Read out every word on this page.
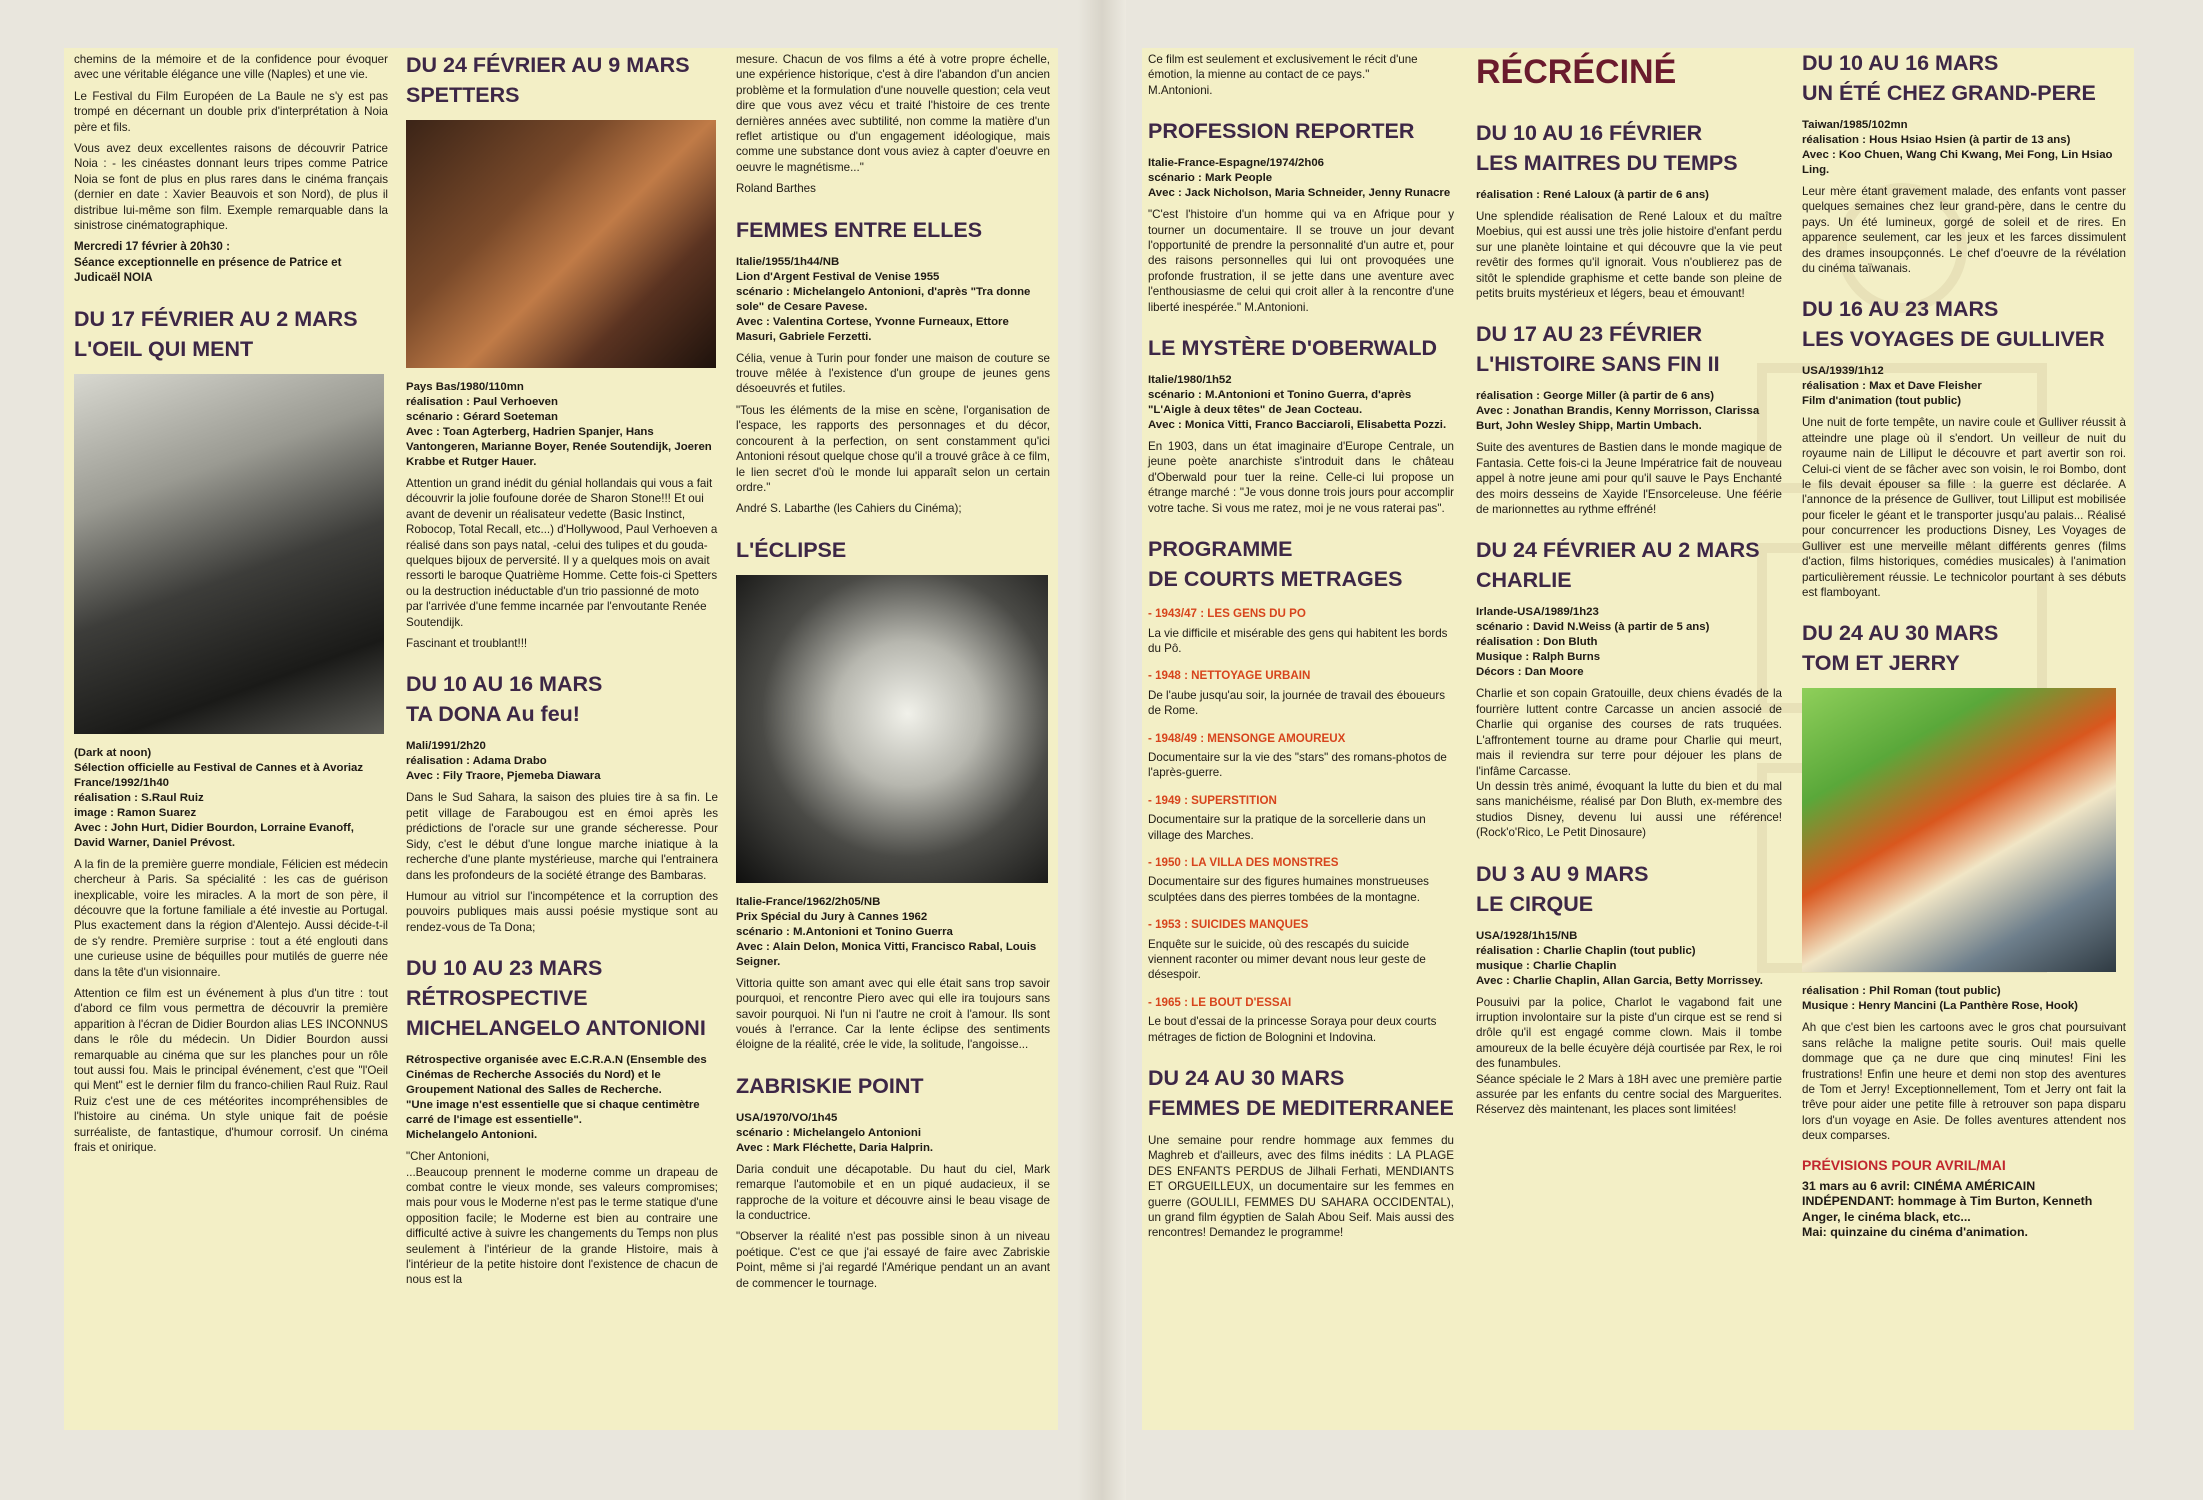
chemins de la mémoire et de la confidence pour évoquer avec une véritable élégance une ville (Naples) et une vie.

Le Festival du Film Européen de La Baule ne s'y est pas trompé en décernant un double prix d'interprétation à Noia père et fils.

Vous avez deux excellentes raisons de découvrir Patrice Noia : - les cinéastes donnant leurs tripes comme Patrice Noia se font de plus en plus rares dans le cinéma français (dernier en date : Xavier Beauvois et son Nord), de plus il distribue lui-même son film. Exemple remarquable dans la sinistrose cinématographique.

Mercredi 17 février à 20h30 :
Séance exceptionnelle en présence de Patrice et Judicaël NOIA

DU 17 FÉVRIER AU 2 MARS
L'OEIL QUI MENT

(Dark at noon)
Sélection officielle au Festival de Cannes et à Avoriaz
France/1992/1h40
réalisation : S.Raul Ruiz
image : Ramon Suarez
Avec : John Hurt, Didier Bourdon, Lorraine Evanoff, David Warner, Daniel Prévost.

A la fin de la première guerre mondiale, Félicien est médecin chercheur à Paris. Sa spécialité : les cas de guérison inexplicable, voire les miracles. A la mort de son père, il découvre que la fortune familiale a été investie au Portugal. Plus exactement dans la région d'Alentejo. Aussi décide-t-il de s'y rendre. Première surprise : tout a été englouti dans une curieuse usine de béquilles pour mutilés de guerre née dans la tête d'un visionnaire.

Attention ce film est un événement à plus d'un titre : tout d'abord ce film vous permettra de découvrir la première apparition à l'écran de Didier Bourdon alias LES INCONNUS dans le rôle du médecin. Un Didier Bourdon aussi remarquable au cinéma que sur les planches pour un rôle tout aussi fou. Mais le principal événement, c'est que "l'Oeil qui Ment" est le dernier film du franco-chilien Raul Ruiz. Raul Ruiz c'est une de ces météorites incompréhensibles de l'histoire au cinéma. Un style unique fait de poésie surréaliste, de fantastique, d'humour corrosif. Un cinéma frais et onirique.

DU 24 FÉVRIER AU 9 MARS
SPETTERS

Pays Bas/1980/110mn
réalisation : Paul Verhoeven
scénario : Gérard Soeteman
Avec : Toan Agterberg, Hadrien Spanjer, Hans Vantongeren, Marianne Boyer, Renée Soutendijk, Joeren Krabbe et Rutger Hauer.

Attention un grand inédit du génial hollandais qui vous a fait découvrir la jolie foufoune dorée de Sharon Stone!!! Et oui avant de devenir un réalisateur vedette (Basic Instinct, Robocop, Total Recall, etc...) d'Hollywood, Paul Verhoeven a réalisé dans son pays natal, -celui des tulipes et du gouda- quelques bijoux de perversité. Il y a quelques mois on avait ressorti le baroque Quatrième Homme. Cette fois-ci Spetters ou la destruction inéductable d'un trio passionné de moto par l'arrivée d'une femme incarnée par l'envoutante Renée Soutendijk.

Fascinant et troublant!!!

DU 10 AU 16 MARS
TA DONA Au feu!

Mali/1991/2h20
réalisation : Adama Drabo
Avec : Fily Traore, Pjemeba Diawara

Dans le Sud Sahara, la saison des pluies tire à sa fin. Le petit village de Farabougou est en émoi après les prédictions de l'oracle sur une grande sécheresse. Pour Sidy, c'est le début d'une longue marche iniatique à la recherche d'une plante mystérieuse, marche qui l'entrainera dans les profondeurs de la société étrange des Bambaras.

Humour au vitriol sur l'incompétence et la corruption des pouvoirs publiques mais aussi poésie mystique sont au rendez-vous de Ta Dona;

DU 10 AU 23 MARS
RÉTROSPECTIVE
MICHELANGELO ANTONIONI

Rétrospective organisée avec E.C.R.A.N (Ensemble des Cinémas de Recherche Associés du Nord) et le Groupement National des Salles de Recherche.
"Une image n'est essentielle que si chaque centimètre carré de l'image est essentielle".
Michelangelo Antonioni.

"Cher Antonioni,

...Beaucoup prennent le moderne comme un drapeau de combat contre le vieux monde, ses valeurs compromises; mais pour vous le Moderne n'est pas le terme statique d'une opposition facile; le Moderne est bien au contraire une difficulté active à suivre les changements du Temps non plus seulement à l'intérieur de la grande Histoire, mais à l'intérieur de la petite histoire dont l'existence de chacun de nous est la

mesure. Chacun de vos films a été à votre propre échelle, une expérience historique, c'est à dire l'abandon d'un ancien problème et la formulation d'une nouvelle question; cela veut dire que vous avez vécu et traité l'histoire de ces trente dernières années avec subtilité, non comme la matière d'un reflet artistique ou d'un engagement idéologique, mais comme une substance dont vous aviez à capter d'oeuvre en oeuvre le magnétisme..."

Roland Barthes

FEMMES ENTRE ELLES

Italie/1955/1h44/NB
Lion d'Argent Festival de Venise 1955
scénario : Michelangelo Antonioni, d'après "Tra donne sole" de Cesare Pavese.
Avec : Valentina Cortese, Yvonne Furneaux, Ettore Masuri, Gabriele Ferzetti.

Célia, venue à Turin pour fonder une maison de couture se trouve mêlée à l'existence d'un groupe de jeunes gens désoeuvrés et futiles.

"Tous les éléments de la mise en scène, l'organisation de l'espace, les rapports des personnages et du décor, concourent à la perfection, on sent constamment qu'ici Antonioni résout quelque chose qu'il a trouvé grâce à ce film, le lien secret d'où le monde lui apparaît selon un certain ordre."

André S. Labarthe (les Cahiers du Cinéma);

L'ÉCLIPSE

Italie-France/1962/2h05/NB
Prix Spécial du Jury à Cannes 1962
scénario : M.Antonioni et Tonino Guerra
Avec : Alain Delon, Monica Vitti, Francisco Rabal, Louis Seigner.

Vittoria quitte son amant avec qui elle était sans trop savoir pourquoi, et rencontre Piero avec qui elle ira toujours sans savoir pourquoi. Ni l'un ni l'autre ne croit à l'amour. Ils sont voués à l'errance. Car la lente éclipse des sentiments éloigne de la réalité, crée le vide, la solitude, l'angoisse...

ZABRISKIE POINT

USA/1970/VO/1h45
scénario : Michelangelo Antonioni
Avec : Mark Fléchette, Daria Halprin.

Daria conduit une décapotable. Du haut du ciel, Mark remarque l'automobile et en un piqué audacieux, il se rapproche de la voiture et découvre ainsi le beau visage de la conductrice.

"Observer la réalité n'est pas possible sinon à un niveau poétique. C'est ce que j'ai essayé de faire avec Zabriskie Point, même si j'ai regardé l'Amérique pendant un an avant de commencer le tournage.

Ce film est seulement et exclusivement le récit d'une émotion, la mienne au contact de ce pays."
M.Antonioni.

PROFESSION REPORTER

Italie-France-Espagne/1974/2h06
scénario : Mark People
Avec : Jack Nicholson, Maria Schneider, Jenny Runacre

"C'est l'histoire d'un homme qui va en Afrique pour y tourner un documentaire. Il se trouve un jour devant l'opportunité de prendre la personnalité d'un autre et, pour des raisons personnelles qui lui ont provoquées une profonde frustration, il se jette dans une aventure avec l'enthousiasme de celui qui croit aller à la rencontre d'une liberté inespérée." M.Antonioni.

LE MYSTÈRE D'OBERWALD

Italie/1980/1h52
scénario : M.Antonioni et Tonino Guerra, d'après "L'Aigle à deux têtes" de Jean Cocteau.
Avec : Monica Vitti, Franco Bacciaroli, Elisabetta Pozzi.

En 1903, dans un état imaginaire d'Europe Centrale, un jeune poète anarchiste s'introduit dans le château d'Oberwald pour tuer la reine. Celle-ci lui propose un étrange marché : "Je vous donne trois jours pour accomplir votre tache. Si vous me ratez, moi je ne vous raterai pas".

PROGRAMME
DE COURTS METRAGES
- 1943/47 : LES GENS DU PO

La vie difficile et misérable des gens qui habitent les bords du Pô.

- 1948 : NETTOYAGE URBAIN

De l'aube jusqu'au soir, la journée de travail des éboueurs de Rome.

- 1948/49 : MENSONGE AMOUREUX

Documentaire sur la vie des "stars" des romans-photos de l'après-guerre.

- 1949 : SUPERSTITION

Documentaire sur la pratique de la sorcellerie dans un village des Marches.

- 1950 : LA VILLA DES MONSTRES

Documentaire sur des figures humaines monstrueuses sculptées dans des pierres tombées de la montagne.

- 1953 : SUICIDES MANQUES

Enquête sur le suicide, où des rescapés du suicide viennent raconter ou mimer devant nous leur geste de désespoir.

- 1965 : LE BOUT D'ESSAI

Le bout d'essai de la princesse Soraya pour deux courts métrages de fiction de Bolognini et Indovina.

DU 24 AU 30 MARS
FEMMES DE MEDITERRANEE

Une semaine pour rendre hommage aux femmes du Maghreb et d'ailleurs, avec des films inédits : LA PLAGE DES ENFANTS PERDUS de Jilhali Ferhati, MENDIANTS ET ORGUEILLEUX, un documentaire sur les femmes en guerre (GOULILI, FEMMES DU SAHARA OCCIDENTAL), un grand film égyptien de Salah Abou Seif. Mais aussi des rencontres! Demandez le programme!

RÉCRÉCINÉ
DU 10 AU 16 FÉVRIER
LES MAITRES DU TEMPS

réalisation : René Laloux (à partir de 6 ans)

Une splendide réalisation de René Laloux et du maître Moebius, qui est aussi une très jolie histoire d'enfant perdu sur une planète lointaine et qui découvre que la vie peut revêtir des formes qu'il ignorait. Vous n'oublierez pas de sitôt le splendide graphisme et cette bande son pleine de petits bruits mystérieux et légers, beau et émouvant!

DU 17 AU 23 FÉVRIER
L'HISTOIRE SANS FIN II

réalisation : George Miller (à partir de 6 ans)
Avec : Jonathan Brandis, Kenny Morrisson, Clarissa Burt, John Wesley Shipp, Martin Umbach.

Suite des aventures de Bastien dans le monde magique de Fantasia. Cette fois-ci la Jeune Impératrice fait de nouveau appel à notre jeune ami pour qu'il sauve le Pays Enchanté des moirs desseins de Xayide l'Ensorceleuse. Une féérie de marionnettes au rythme effréné!

DU 24 FÉVRIER AU 2 MARS
CHARLIE

Irlande-USA/1989/1h23
scénario : David N.Weiss (à partir de 5 ans)
réalisation : Don Bluth
Musique : Ralph Burns
Décors : Dan Moore

Charlie et son copain Gratouille, deux chiens évadés de la fourrière luttent contre Carcasse un ancien associé de Charlie qui organise des courses de rats truquées. L'affrontement tourne au drame pour Charlie qui meurt, mais il reviendra sur terre pour déjouer les plans de l'infâme Carcasse.
Un dessin très animé, évoquant la lutte du bien et du mal sans manichéisme, réalisé par Don Bluth, ex-membre des studios Disney, devenu lui aussi une référence! (Rock'o'Rico, Le Petit Dinosaure)

DU 3 AU 9 MARS
LE CIRQUE

USA/1928/1h15/NB
réalisation : Charlie Chaplin (tout public)
musique : Charlie Chaplin
Avec : Charlie Chaplin, Allan Garcia, Betty Morrissey.

Pousuivi par la police, Charlot le vagabond fait une irruption involontaire sur la piste d'un cirque est se rend si drôle qu'il est engagé comme clown. Mais il tombe amoureux de la belle écuyère déjà courtisée par Rex, le roi des funambules.
Séance spéciale le 2 Mars à 18H avec une première partie assurée par les enfants du centre social des Marguerites. Réservez dès maintenant, les places sont limitées!

DU 10 AU 16 MARS
UN ÉTÉ CHEZ GRAND-PERE

Taiwan/1985/102mn
réalisation : Hous Hsiao Hsien (à partir de 13 ans)
Avec : Koo Chuen, Wang Chi Kwang, Mei Fong, Lin Hsiao Ling.

Leur mère étant gravement malade, des enfants vont passer quelques semaines chez leur grand-père, dans le centre du pays. Un été lumineux, gorgé de soleil et de rires. En apparence seulement, car les jeux et les farces dissimulent des drames insoupçonnés. Le chef d'oeuvre de la révélation du cinéma taïwanais.

DU 16 AU 23 MARS
LES VOYAGES DE GULLIVER

USA/1939/1h12
réalisation : Max et Dave Fleisher
Film d'animation (tout public)

Une nuit de forte tempête, un navire coule et Gulliver réussit à atteindre une plage où il s'endort. Un veilleur de nuit du royaume nain de Lilliput le découvre et part avertir son roi. Celui-ci vient de se fâcher avec son voisin, le roi Bombo, dont le fils devait épouser sa fille : la guerre est déclarée. A l'annonce de la présence de Gulliver, tout Lilliput est mobilisée pour ficeler le géant et le transporter jusqu'au palais... Réalisé pour concurrencer les productions Disney, Les Voyages de Gulliver est une merveille mêlant différents genres (films d'action, films historiques, comédies musicales) à l'animation particulièrement réussie. Le technicolor pourtant à ses débuts est flamboyant.

DU 24 AU 30 MARS
TOM ET JERRY

réalisation : Phil Roman (tout public)
Musique : Henry Mancini (La Panthère Rose, Hook)

Ah que c'est bien les cartoons avec le gros chat poursuivant sans relâche la maligne petite souris. Oui! mais quelle dommage que ça ne dure que cinq minutes! Fini les frustrations! Enfin une heure et demi non stop des aventures de Tom et Jerry! Exceptionnellement, Tom et Jerry ont fait la trêve pour aider une petite fille à retrouver son papa disparu lors d'un voyage en Asie. De folles aventures attendent nos deux comparses.

PRÉVISIONS POUR AVRIL/MAI

31 mars au 6 avril: CINÉMA AMÉRICAIN INDÉPENDANT: hommage à Tim Burton, Kenneth Anger, le cinéma black, etc...
Mai: quinzaine du cinéma d'animation.
